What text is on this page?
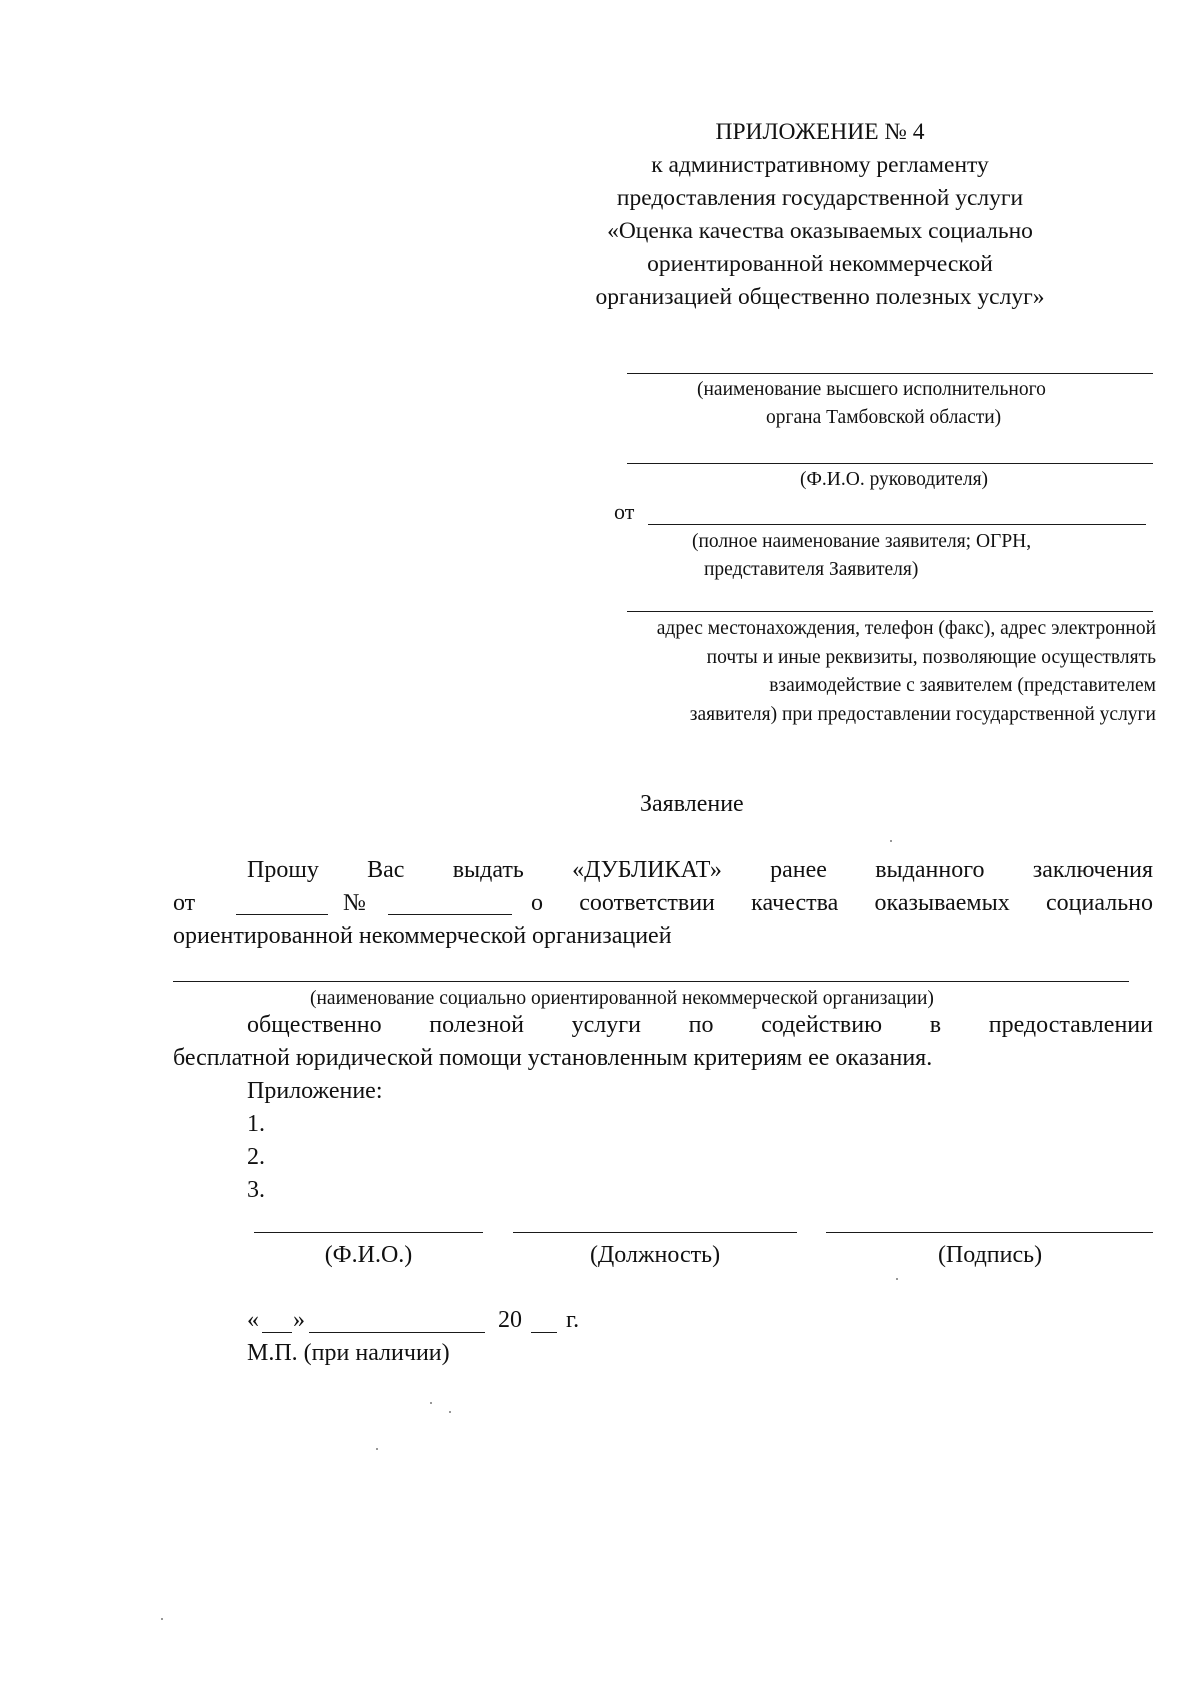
ПРИЛОЖЕНИЕ № 4
к административному регламенту
предоставления государственной услуги
«Оценка качества оказываемых социально
ориентированной некоммерческой
организацией общественно полезных услуг»
(наименование высшего исполнительного
органа Тамбовской области)
(Ф.И.О. руководителя)
от
(полное наименование заявителя; ОГРН,
представителя Заявителя)
адрес местонахождения, телефон (факс), адрес электронной
почты и иные реквизиты, позволяющие осуществлять
взаимодействие с заявителем (представителем
заявителя) при предоставлении государственной услуги
Заявление
Прошу Вас выдать «ДУБЛИКАТ» ранее выданного заключения
от	№	о соответствии качества оказываемых социально
ориентированной некоммерческой организацией
(наименование социально ориентированной некоммерческой организации)
общественно полезной услуги по содействию в предоставлении
бесплатной юридической помощи установленным критериям ее оказания.
Приложение:
1.
2.
3.
(Ф.И.О.)	(Должность)	(Подпись)
« »	20 г.
М.П. (при наличии)
